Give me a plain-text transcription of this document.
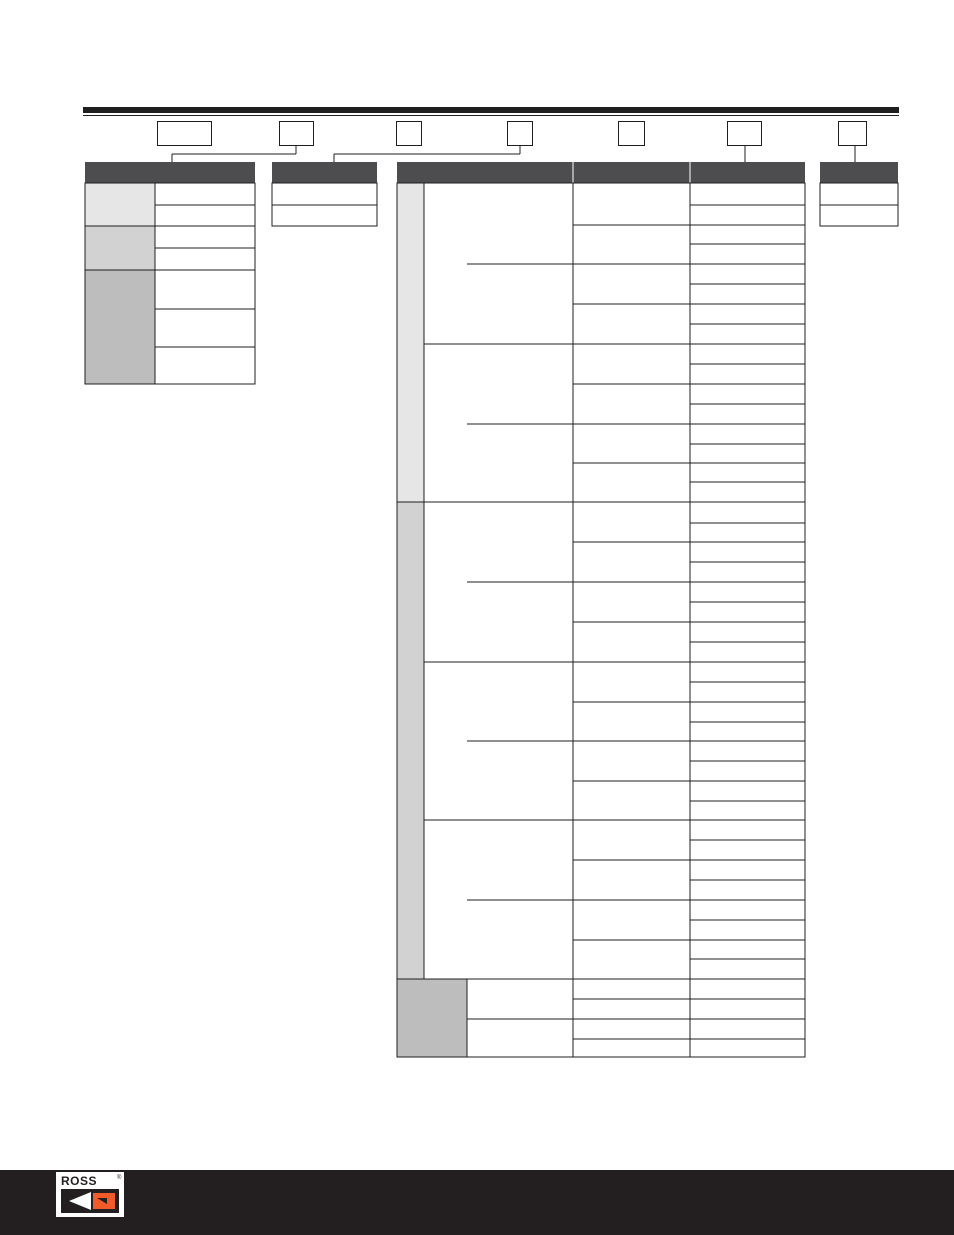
ROSS	®
